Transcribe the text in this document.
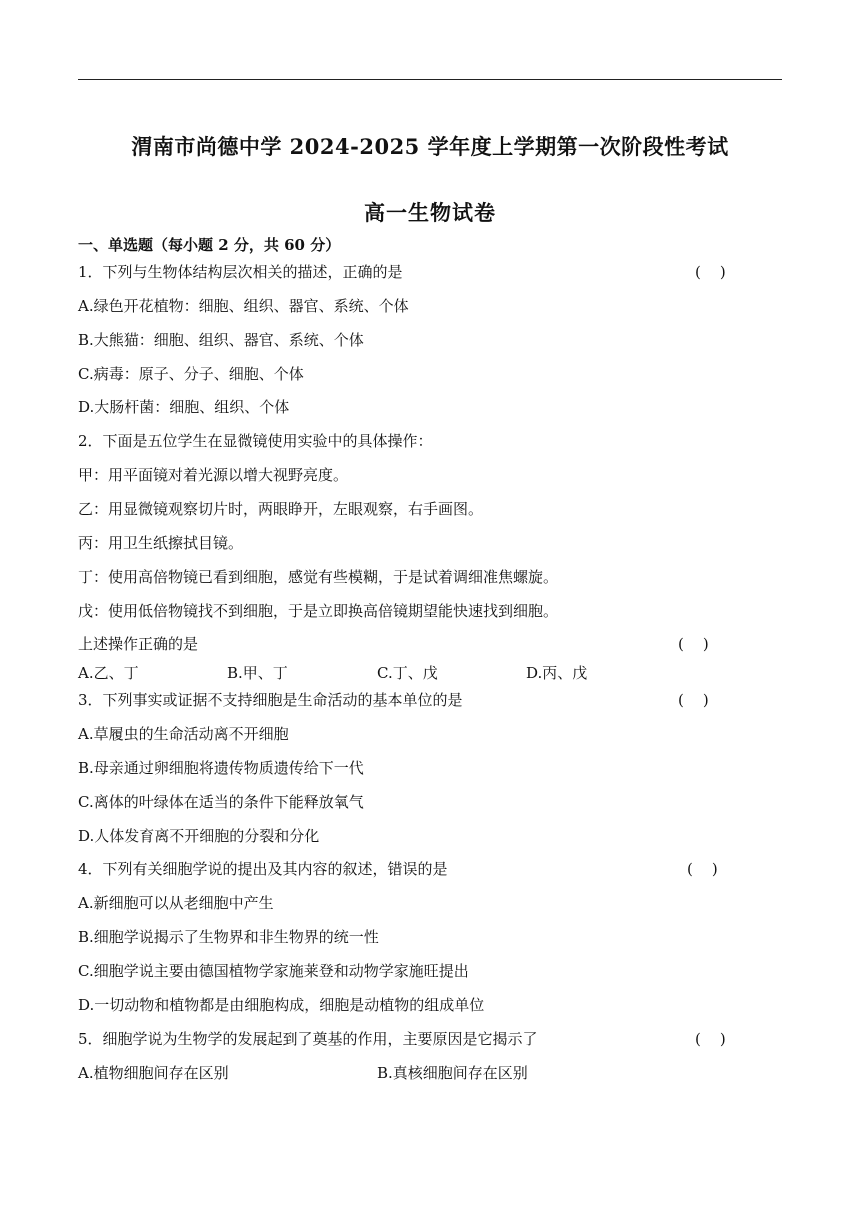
渭南市尚德中学 2024-2025 学年度上学期第一次阶段性考试
高一生物试卷
一、单选题（每小题 2 分，共 60 分）
1．下列与生物体结构层次相关的描述，正确的是	(    )
A.绿色开花植物：细胞、组织、器官、系统、个体
B.大熊猫：细胞、组织、器官、系统、个体
C.病毒：原子、分子、细胞、个体
D.大肠杆菌：细胞、组织、个体
2．下面是五位学生在显微镜使用实验中的具体操作：
甲：用平面镜对着光源以增大视野亮度。
乙：用显微镜观察切片时，两眼睁开，左眼观察，右手画图。
丙：用卫生纸擦拭目镜。
丁：使用高倍物镜已看到细胞，感觉有些模糊，于是试着调细准焦螺旋。
戊：使用低倍物镜找不到细胞，于是立即换高倍镜期望能快速找到细胞。
上述操作正确的是	(    )
A.乙、丁	B.甲、丁	C.丁、戊	D.丙、戊
3．下列事实或证据不支持细胞是生命活动的基本单位的是	(    )
A.草履虫的生命活动离不开细胞
B.母亲通过卵细胞将遗传物质遗传给下一代
C.离体的叶绿体在适当的条件下能释放氧气
D.人体发育离不开细胞的分裂和分化
4．下列有关细胞学说的提出及其内容的叙述，错误的是	(    )
A.新细胞可以从老细胞中产生
B.细胞学说揭示了生物界和非生物界的统一性
C.细胞学说主要由德国植物学家施莱登和动物学家施旺提出
D.一切动物和植物都是由细胞构成，细胞是动植物的组成单位
5．细胞学说为生物学的发展起到了奠基的作用，主要原因是它揭示了	(    )
A.植物细胞间存在区别	B.真核细胞间存在区别
